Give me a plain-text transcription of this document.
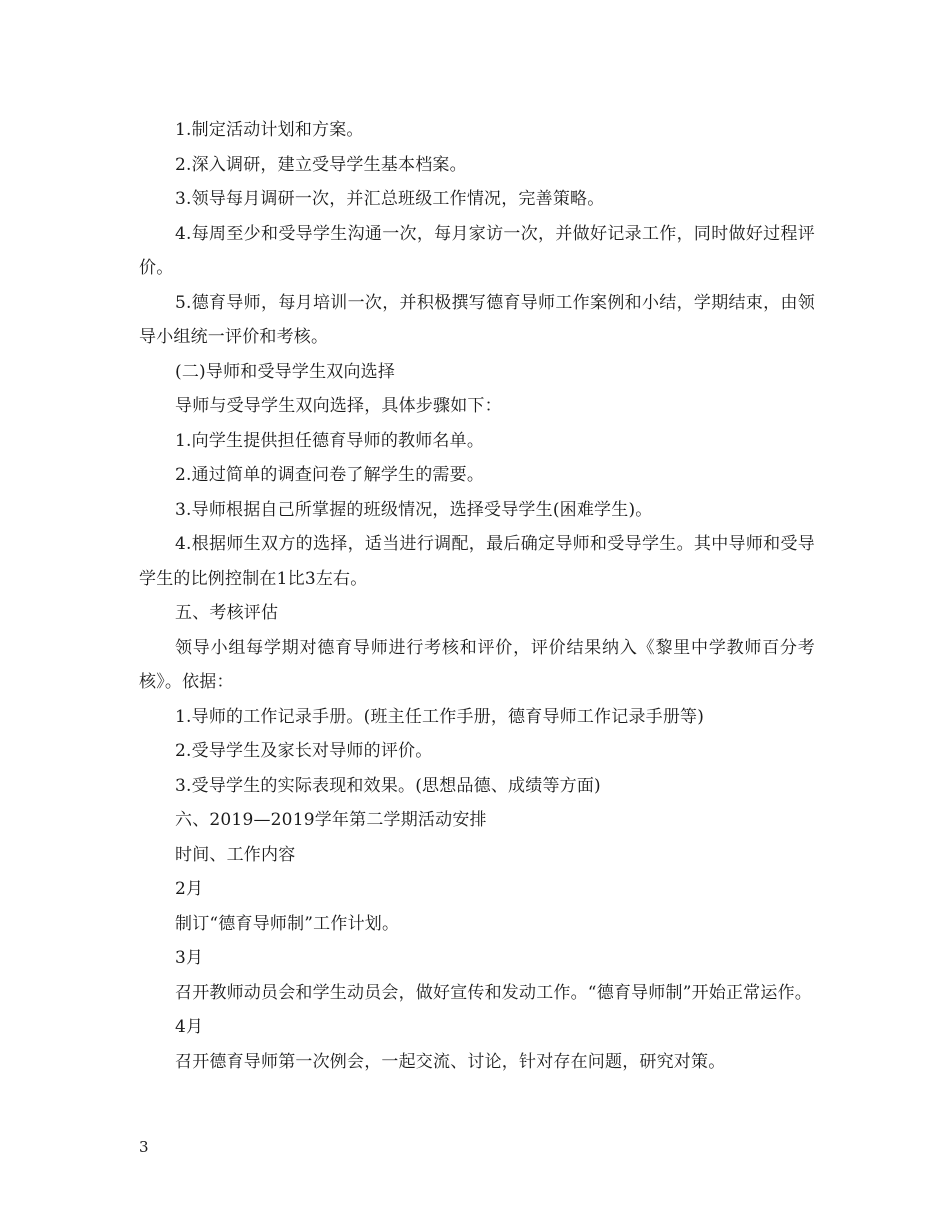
1.制定活动计划和方案。

2.深入调研，建立受导学生基本档案。

3.领导每月调研一次，并汇总班级工作情况，完善策略。

4.每周至少和受导学生沟通一次，每月家访一次，并做好记录工作，同时做好过程评价。

5.德育导师，每月培训一次，并积极撰写德育导师工作案例和小结，学期结束，由领导小组统一评价和考核。

(二)导师和受导学生双向选择

导师与受导学生双向选择，具体步骤如下：

1.向学生提供担任德育导师的教师名单。

2.通过简单的调查问卷了解学生的需要。

3.导师根据自己所掌握的班级情况，选择受导学生(困难学生)。

4.根据师生双方的选择，适当进行调配，最后确定导师和受导学生。其中导师和受导学生的比例控制在1比3左右。

五、考核评估

领导小组每学期对德育导师进行考核和评价，评价结果纳入《黎里中学教师百分考核》。依据：

1.导师的工作记录手册。(班主任工作手册，德育导师工作记录手册等)

2.受导学生及家长对导师的评价。

3.受导学生的实际表现和效果。(思想品德、成绩等方面)

六、2019—2019学年第二学期活动安排

时间、工作内容

2月

制订“德育导师制”工作计划。

3月

召开教师动员会和学生动员会，做好宣传和发动工作。“德育导师制”开始正常运作。

4月

召开德育导师第一次例会，一起交流、讨论，针对存在问题，研究对策。

3
